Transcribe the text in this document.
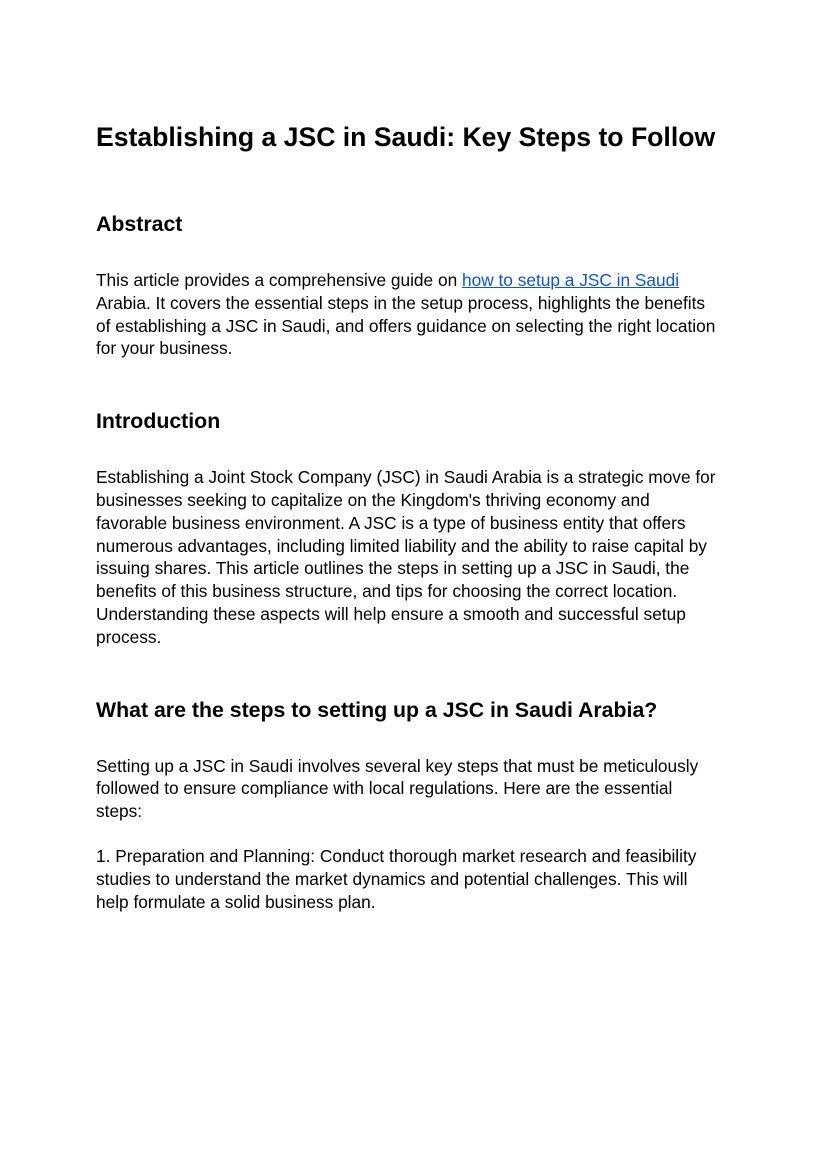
Establishing a JSC in Saudi: Key Steps to Follow
Abstract

This article provides a comprehensive guide on how to setup a JSC in Saudi Arabia. It covers the essential steps in the setup process, highlights the benefits of establishing a JSC in Saudi, and offers guidance on selecting the right location for your business.

Introduction

Establishing a Joint Stock Company (JSC) in Saudi Arabia is a strategic move for businesses seeking to capitalize on the Kingdom's thriving economy and favorable business environment. A JSC is a type of business entity that offers numerous advantages, including limited liability and the ability to raise capital by issuing shares. This article outlines the steps in setting up a JSC in Saudi, the benefits of this business structure, and tips for choosing the correct location. Understanding these aspects will help ensure a smooth and successful setup process.

What are the steps to setting up a JSC in Saudi Arabia?

Setting up a JSC in Saudi involves several key steps that must be meticulously followed to ensure compliance with local regulations. Here are the essential steps:

1. Preparation and Planning: Conduct thorough market research and feasibility studies to understand the market dynamics and potential challenges. This will help formulate a solid business plan.
